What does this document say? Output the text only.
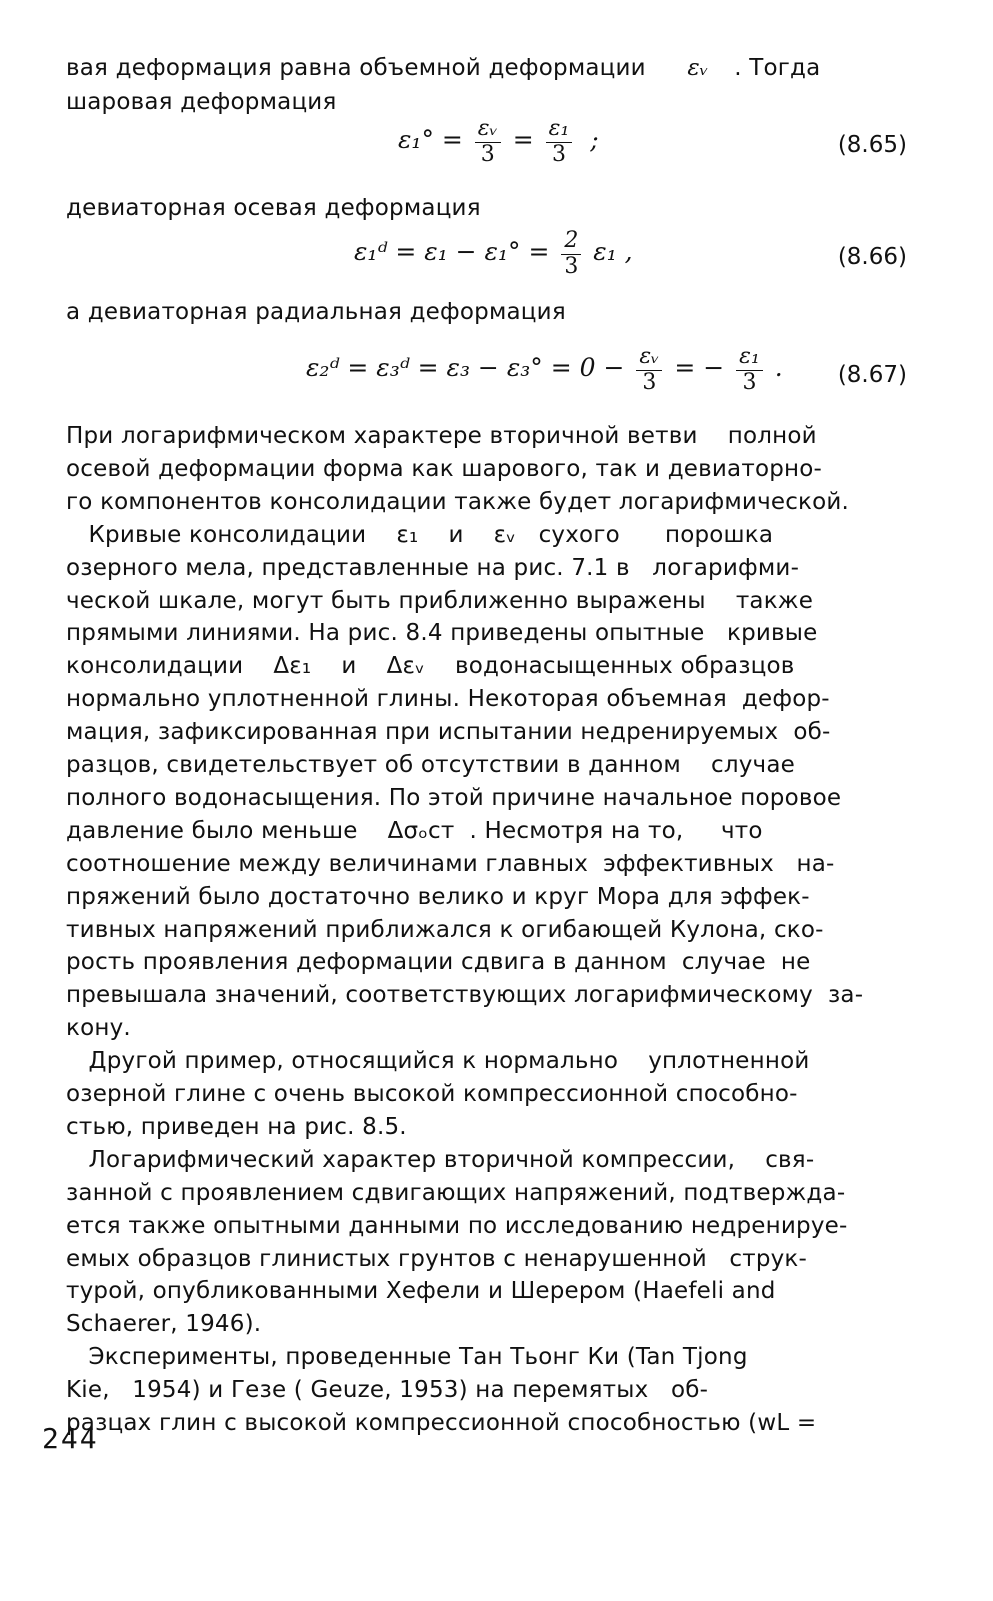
вая деформация равна объемной деформации εᵥ . Тогда
шаровая деформация
$\varepsilon_1^\circ = \frac{\text{εᵥ}}{3} = \frac{\text{ε₁}}{3}$ ;	(8.65)
девиаторная осевая деформация
ε₁ᵈ = $\varepsilon_1 - \varepsilon_1^\circ = \frac{2}{3} \varepsilon_1$ ,	(8.66)
а девиаторная радиальная деформация
ε₂ᵈ = ε₃ᵈ = $\varepsilon_3 - \varepsilon_3^\circ = 0 - \frac{\text{εᵥ}}{3}$ = − $\frac{\text{ε₁}}{3}$ . (8.67)
При логарифмическом характере вторичной ветви    полной
осевой деформации форма как шарового, так и девиаторно-
го компонентов консолидации также будет логарифмической.
Кривые консолидации    ε₁    и    εᵥ   сухого      порошка
озерного мела, представленные на рис. 7.1 в   логарифми-
ческой шкале, могут быть приближенно выражены    также
прямыми линиями. На рис. 8.4 приведены опытные   кривые
консолидации    Δε₁    и    Δεᵥ    водонасыщенных образцов
нормально уплотненной глины. Некоторая объемная  дефор-
мация, зафиксированная при испытании недренируемых  об-
разцов, свидетельствует об отсутствии в данном    случае
полного водонасыщения. По этой причине начальное поровое
давление было меньше    Δσₒcт  . Несмотря на то,     что
соотношение между величинами главных  эффективных   на-
пряжений было достаточно велико и круг Мора для эффек-
тивных напряжений приближался к огибающей Кулона, ско-
рость проявления деформации сдвига в данном  случае  не
превышала значений, соответствующих логарифмическому  за-
кону.
Другой пример, относящийся к нормально    уплотненной
озерной глине с очень высокой компрессионной способно-
стью, приведен на рис. 8.5.
Логарифмический характер вторичной компрессии,    свя-
занной с проявлением сдвигающих напряжений, подтвержда-
ется также опытными данными по исследованию недренируе-
емых образцов глинистых грунтов с ненарушенной   струк-
турой, опубликованными Хефели и Шерером (Haefeli and
Schaerer, 1946).
Эксперименты, проведенные Тан Тьонг Ки (Tan Tjong
Kie,   1954) и Гезе ( Geuze, 1953) на перемятых   об-
разцах глин с высокой компрессионной способностью (wL =
244
